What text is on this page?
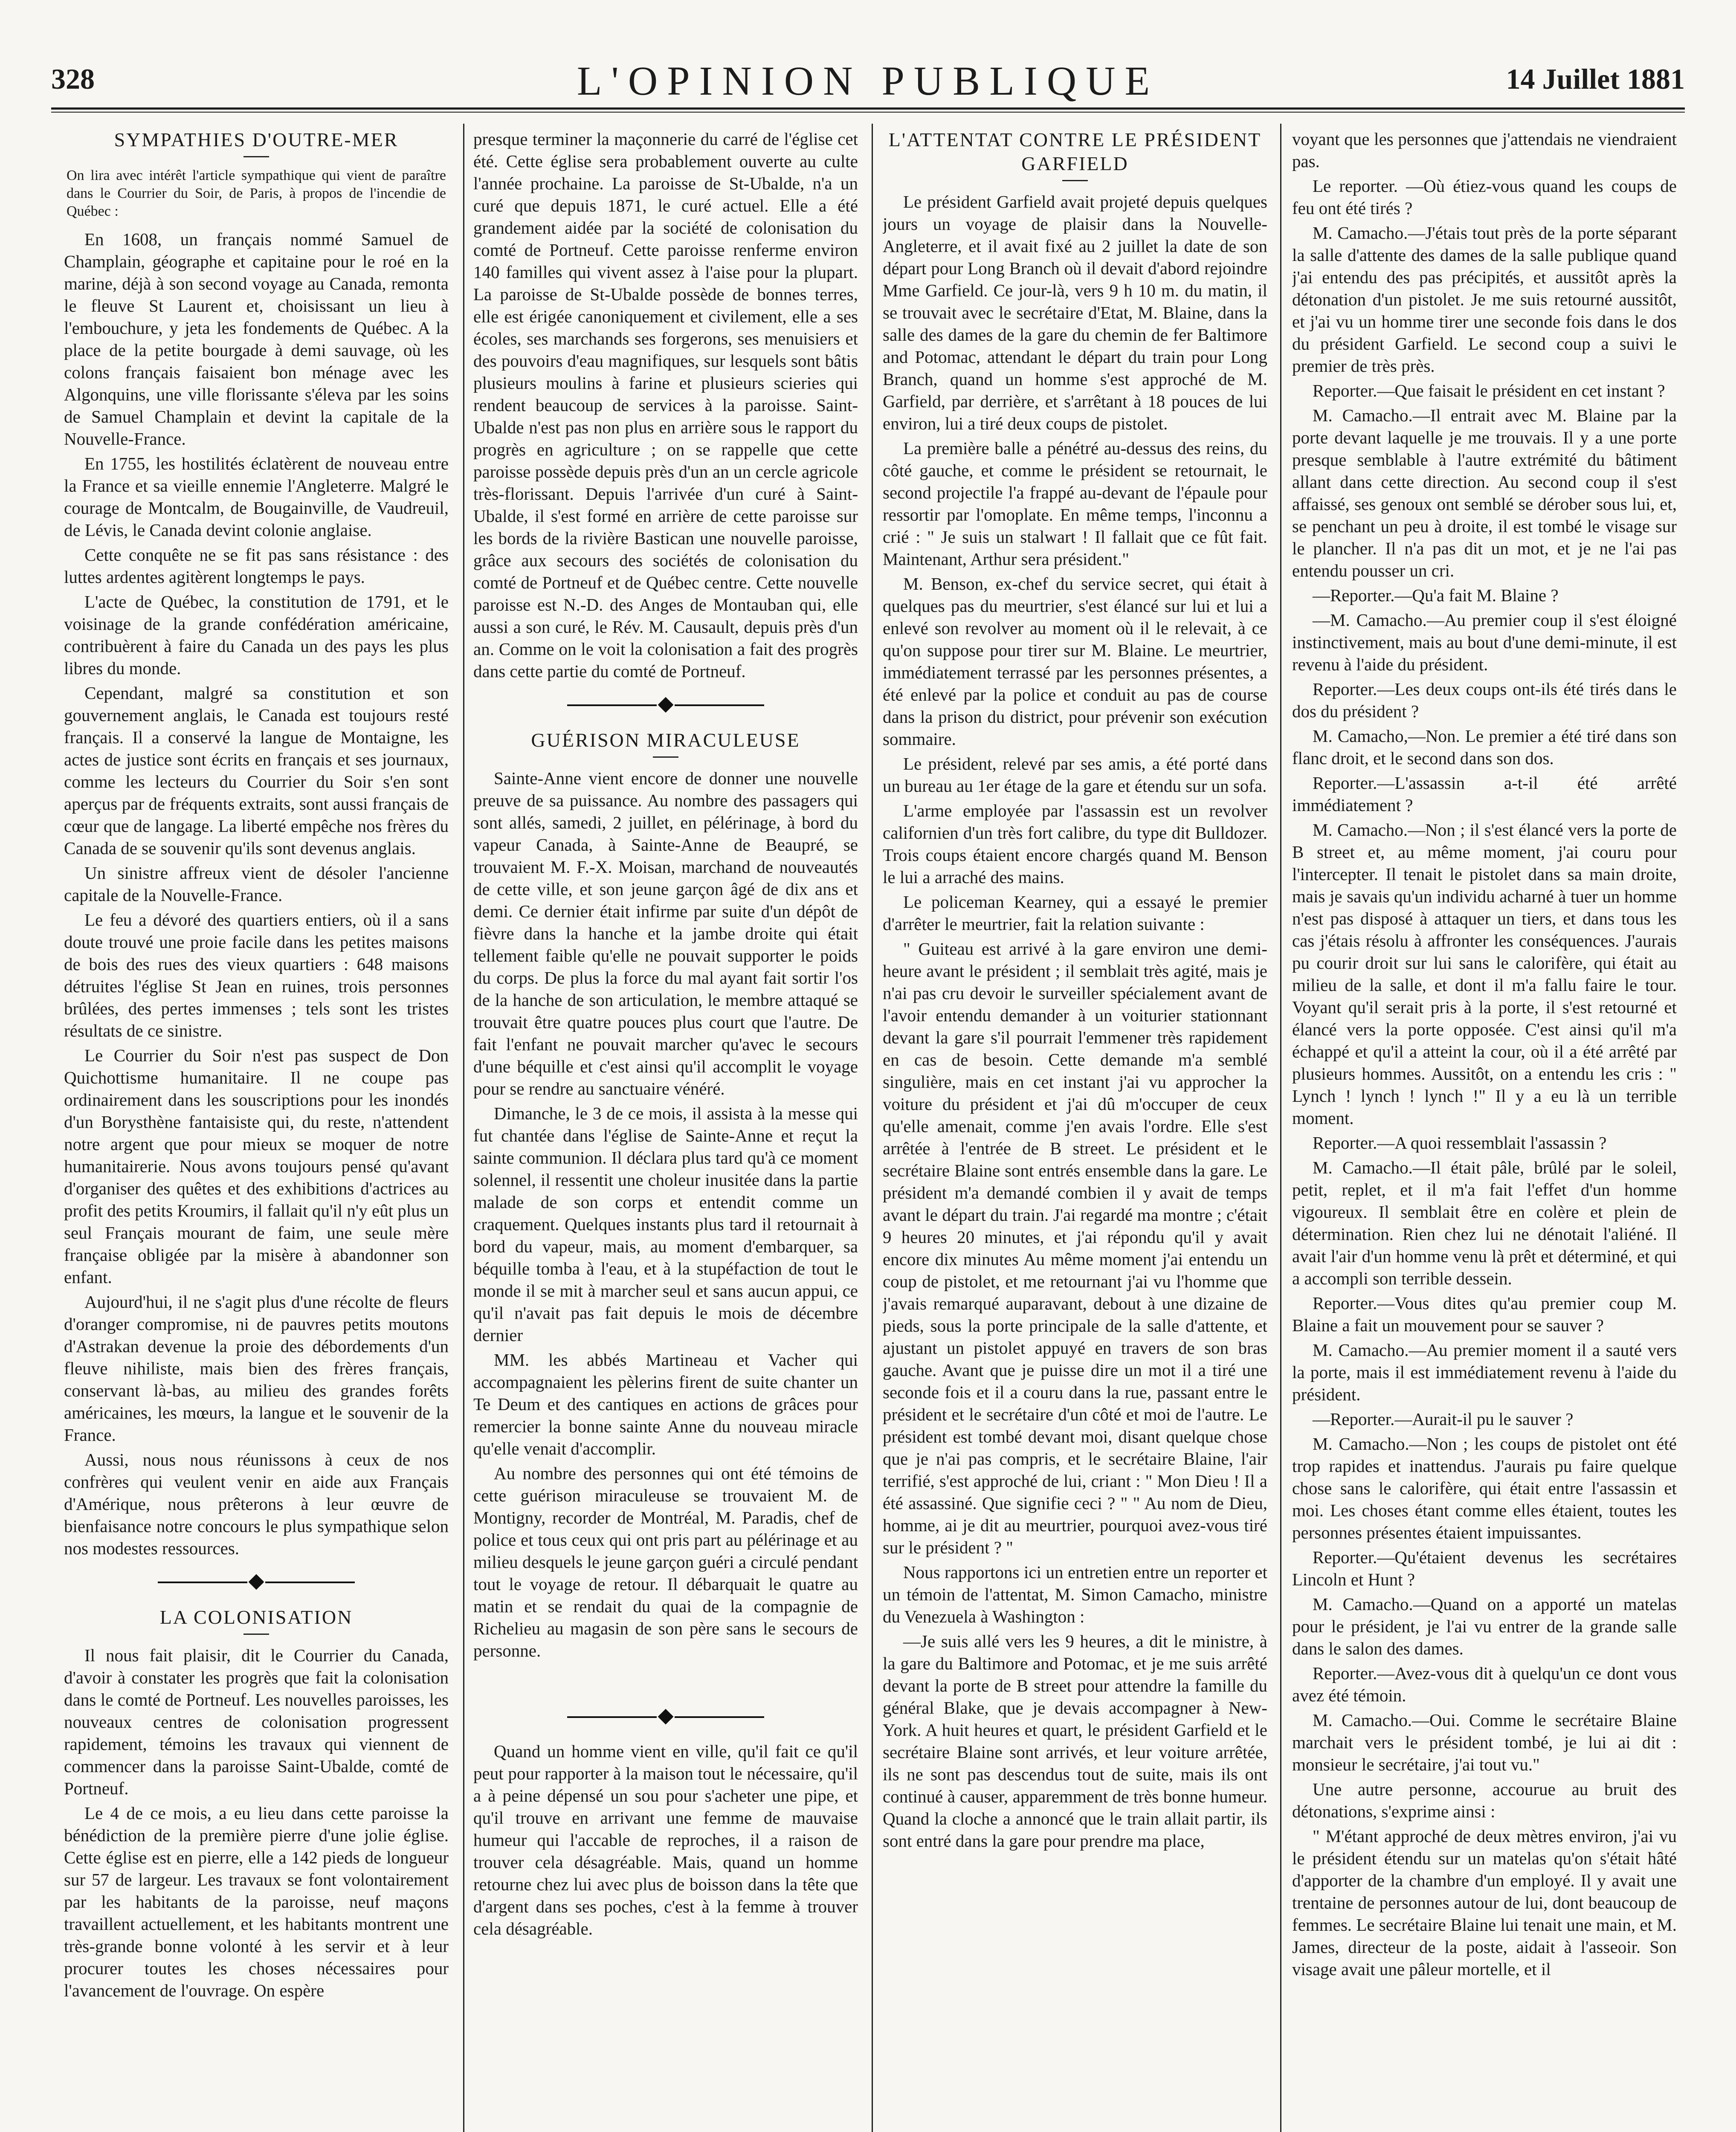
328	L'OPINION PUBLIQUE	14 Juillet 1881
SYMPATHIES D'OUTRE-MER
On lira avec intérêt l'article sympathique qui vient de paraître dans le Courrier du Soir, de Paris, à propos de l'incendie de Québec :

En 1608, un français nommé Samuel de Champlain, géographe et capitaine pour le roé en la marine, déjà à son second voyage au Canada, remonta le fleuve St Laurent et, choisissant un lieu à l'embouchure, y jeta les fondements de Québec. A la place de la petite bourgade à demi sauvage, où les colons français faisaient bon ménage avec les Algonquins, une ville florissante s'éleva par les soins de Samuel Champlain et devint la capitale de la Nouvelle-France.

En 1755, les hostilités éclatèrent de nouveau entre la France et sa vieille ennemie l'Angleterre. Malgré le courage de Montcalm, de Bougainville, de Vaudreuil, de Lévis, le Canada devint colonie anglaise.

Cette conquête ne se fit pas sans résistance : des luttes ardentes agitèrent longtemps le pays.

L'acte de Québec, la constitution de 1791, et le voisinage de la grande confédération américaine, contribuèrent à faire du Canada un des pays les plus libres du monde.

Cependant, malgré sa constitution et son gouvernement anglais, le Canada est toujours resté français. Il a conservé la langue de Montaigne, les actes de justice sont écrits en français et ses journaux, comme les lecteurs du Courrier du Soir s'en sont aperçus par de fréquents extraits, sont aussi français de cœur que de langage. La liberté empêche nos frères du Canada de se souvenir qu'ils sont devenus anglais.

Un sinistre affreux vient de désoler l'ancienne capitale de la Nouvelle-France.

Le feu a dévoré des quartiers entiers, où il a sans doute trouvé une proie facile dans les petites maisons de bois des rues des vieux quartiers : 648 maisons détruites l'église St Jean en ruines, trois personnes brûlées, des pertes immenses ; tels sont les tristes résultats de ce sinistre.

Le Courrier du Soir n'est pas suspect de Don Quichottisme humanitaire. Il ne coupe pas ordinairement dans les souscriptions pour les inondés d'un Borysthène fantaisiste qui, du reste, n'attendent notre argent que pour mieux se moquer de notre humanitairerie. Nous avons toujours pensé qu'avant d'organiser des quêtes et des exhibitions d'actrices au profit des petits Kroumirs, il fallait qu'il n'y eût plus un seul Français mourant de faim, une seule mère française obligée par la misère à abandonner son enfant.

Aujourd'hui, il ne s'agit plus d'une récolte de fleurs d'oranger compromise, ni de pauvres petits moutons d'Astrakan devenue la proie des débordements d'un fleuve nihiliste, mais bien des frères français, conservant là-bas, au milieu des grandes forêts américaines, les mœurs, la langue et le souvenir de la France.

Aussi, nous nous réunissons à ceux de nos confrères qui veulent venir en aide aux Français d'Amérique, nous prêterons à leur œuvre de bienfaisance notre concours le plus sympathique selon nos modestes ressources.

LA COLONISATION

Il nous fait plaisir, dit le Courrier du Canada, d'avoir à constater les progrès que fait la colonisation dans le comté de Portneuf. Les nouvelles paroisses, les nouveaux centres de colonisation progressent rapidement, témoins les travaux qui viennent de commencer dans la paroisse Saint-Ubalde, comté de Portneuf.

Le 4 de ce mois, a eu lieu dans cette paroisse la bénédiction de la première pierre d'une jolie église. Cette église est en pierre, elle a 142 pieds de longueur sur 57 de largeur. Les travaux se font volontairement par les habitants de la paroisse, neuf maçons travaillent actuellement, et les habitants montrent une très-grande bonne volonté à les servir et à leur procurer toutes les choses nécessaires pour l'avancement de l'ouvrage. On espère

presque terminer la maçonnerie du carré de l'église cet été. Cette église sera probablement ouverte au culte l'année prochaine. La paroisse de St-Ubalde, n'a un curé que depuis 1871, le curé actuel. Elle a été grandement aidée par la société de colonisation du comté de Portneuf. Cette paroisse renferme environ 140 familles qui vivent assez à l'aise pour la plupart. La paroisse de St-Ubalde possède de bonnes terres, elle est érigée canoniquement et civilement, elle a ses écoles, ses marchands ses forgerons, ses menuisiers et des pouvoirs d'eau magnifiques, sur lesquels sont bâtis plusieurs moulins à farine et plusieurs scieries qui rendent beaucoup de services à la paroisse. Saint-Ubalde n'est pas non plus en arrière sous le rapport du progrès en agriculture ; on se rappelle que cette paroisse possède depuis près d'un an un cercle agricole très-florissant. Depuis l'arrivée d'un curé à Saint-Ubalde, il s'est formé en arrière de cette paroisse sur les bords de la rivière Bastican une nouvelle paroisse, grâce aux secours des sociétés de colonisation du comté de Portneuf et de Québec centre. Cette nouvelle paroisse est N.-D. des Anges de Montauban qui, elle aussi a son curé, le Rév. M. Causault, depuis près d'un an. Comme on le voit la colonisation a fait des progrès dans cette partie du comté de Portneuf.

GUÉRISON MIRACULEUSE

Sainte-Anne vient encore de donner une nouvelle preuve de sa puissance. Au nombre des passagers qui sont allés, samedi, 2 juillet, en pélérinage, à bord du vapeur Canada, à Sainte-Anne de Beaupré, se trouvaient M. F.-X. Moisan, marchand de nouveautés de cette ville, et son jeune garçon âgé de dix ans et demi. Ce dernier était infirme par suite d'un dépôt de fièvre dans la hanche et la jambe droite qui était tellement faible qu'elle ne pouvait supporter le poids du corps. De plus la force du mal ayant fait sortir l'os de la hanche de son articulation, le membre attaqué se trouvait être quatre pouces plus court que l'autre. De fait l'enfant ne pouvait marcher qu'avec le secours d'une béquille et c'est ainsi qu'il accomplit le voyage pour se rendre au sanctuaire vénéré.

Dimanche, le 3 de ce mois, il assista à la messe qui fut chantée dans l'église de Sainte-Anne et reçut la sainte communion. Il déclara plus tard qu'à ce moment solennel, il ressentit une choleur inusitée dans la partie malade de son corps et entendit comme un craquement. Quelques instants plus tard il retournait à bord du vapeur, mais, au moment d'embarquer, sa béquille tomba à l'eau, et à la stupéfaction de tout le monde il se mit à marcher seul et sans aucun appui, ce qu'il n'avait pas fait depuis le mois de décembre dernier

MM. les abbés Martineau et Vacher qui accompagnaient les pèlerins firent de suite chanter un Te Deum et des cantiques en actions de grâces pour remercier la bonne sainte Anne du nouveau miracle qu'elle venait d'accomplir.

Au nombre des personnes qui ont été témoins de cette guérison miraculeuse se trouvaient M. de Montigny, recorder de Montréal, M. Paradis, chef de police et tous ceux qui ont pris part au pélérinage et au milieu desquels le jeune garçon guéri a circulé pendant tout le voyage de retour. Il débarquait le quatre au matin et se rendait du quai de la compagnie de Richelieu au magasin de son père sans le secours de personne.

Quand un homme vient en ville, qu'il fait ce qu'il peut pour rapporter à la maison tout le nécessaire, qu'il a à peine dépensé un sou pour s'acheter une pipe, et qu'il trouve en arrivant une femme de mauvaise humeur qui l'accable de reproches, il a raison de trouver cela désagréable. Mais, quand un homme retourne chez lui avec plus de boisson dans la tête que d'argent dans ses poches, c'est à la femme à trouver cela désagréable.

L'ATTENTAT CONTRE LE PRÉSIDENT GARFIELD

Le président Garfield avait projeté depuis quelques jours un voyage de plaisir dans la Nouvelle-Angleterre, et il avait fixé au 2 juillet la date de son départ pour Long Branch où il devait d'abord rejoindre Mme Garfield. Ce jour-là, vers 9 h 10 m. du matin, il se trouvait avec le secrétaire d'Etat, M. Blaine, dans la salle des dames de la gare du chemin de fer Baltimore and Potomac, attendant le départ du train pour Long Branch, quand un homme s'est approché de M. Garfield, par derrière, et s'arrêtant à 18 pouces de lui environ, lui a tiré deux coups de pistolet.

La première balle a pénétré au-dessus des reins, du côté gauche, et comme le président se retournait, le second projectile l'a frappé au-devant de l'épaule pour ressortir par l'omoplate. En même temps, l'inconnu a crié : " Je suis un stalwart ! Il fallait que ce fût fait. Maintenant, Arthur sera président."

M. Benson, ex-chef du service secret, qui était à quelques pas du meurtrier, s'est élancé sur lui et lui a enlevé son revolver au moment où il le relevait, à ce qu'on suppose pour tirer sur M. Blaine. Le meurtrier, immédiatement terrassé par les personnes présentes, a été enlevé par la police et conduit au pas de course dans la prison du district, pour prévenir son exécution sommaire.

Le président, relevé par ses amis, a été porté dans un bureau au 1er étage de la gare et étendu sur un sofa.

L'arme employée par l'assassin est un revolver californien d'un très fort calibre, du type dit Bulldozer. Trois coups étaient encore chargés quand M. Benson le lui a arraché des mains.

Le policeman Kearney, qui a essayé le premier d'arrêter le meurtrier, fait la relation suivante :

" Guiteau est arrivé à la gare environ une demi-heure avant le président ; il semblait très agité, mais je n'ai pas cru devoir le surveiller spécialement avant de l'avoir entendu demander à un voiturier stationnant devant la gare s'il pourrait l'emmener très rapidement en cas de besoin. Cette demande m'a semblé singulière, mais en cet instant j'ai vu approcher la voiture du président et j'ai dû m'occuper de ceux qu'elle amenait, comme j'en avais l'ordre. Elle s'est arrêtée à l'entrée de B street. Le président et le secrétaire Blaine sont entrés ensemble dans la gare. Le président m'a demandé combien il y avait de temps avant le départ du train. J'ai regardé ma montre ; c'était 9 heures 20 minutes, et j'ai répondu qu'il y avait encore dix minutes Au même moment j'ai entendu un coup de pistolet, et me retournant j'ai vu l'homme que j'avais remarqué auparavant, debout à une dizaine de pieds, sous la porte principale de la salle d'attente, et ajustant un pistolet appuyé en travers de son bras gauche. Avant que je puisse dire un mot il a tiré une seconde fois et il a couru dans la rue, passant entre le président et le secrétaire d'un côté et moi de l'autre. Le président est tombé devant moi, disant quelque chose que je n'ai pas compris, et le secrétaire Blaine, l'air terrifié, s'est approché de lui, criant : " Mon Dieu ! Il a été assassiné. Que signifie ceci ? " " Au nom de Dieu, homme, ai je dit au meurtrier, pourquoi avez-vous tiré sur le président ? "

Nous rapportons ici un entretien entre un reporter et un témoin de l'attentat, M. Simon Camacho, ministre du Venezuela à Washington :

—Je suis allé vers les 9 heures, a dit le ministre, à la gare du Baltimore and Potomac, et je me suis arrêté devant la porte de B street pour attendre la famille du général Blake, que je devais accompagner à New-York. A huit heures et quart, le président Garfield et le secrétaire Blaine sont arrivés, et leur voiture arrêtée, ils ne sont pas descendus tout de suite, mais ils ont continué à causer, apparemment de très bonne humeur. Quand la cloche a annoncé que le train allait partir, ils sont entré dans la gare pour prendre ma place,

voyant que les personnes que j'attendais ne viendraient pas.

Le reporter. —Où étiez-vous quand les coups de feu ont été tirés ?

M. Camacho.—J'étais tout près de la porte séparant la salle d'attente des dames de la salle publique quand j'ai entendu des pas précipités, et aussitôt après la détonation d'un pistolet. Je me suis retourné aussitôt, et j'ai vu un homme tirer une seconde fois dans le dos du président Garfield. Le second coup a suivi le premier de très près.

Reporter.—Que faisait le président en cet instant ?

M. Camacho.—Il entrait avec M. Blaine par la porte devant laquelle je me trouvais. Il y a une porte presque semblable à l'autre extrémité du bâtiment allant dans cette direction. Au second coup il s'est affaissé, ses genoux ont semblé se dérober sous lui, et, se penchant un peu à droite, il est tombé le visage sur le plancher. Il n'a pas dit un mot, et je ne l'ai pas entendu pousser un cri.

—Reporter.—Qu'a fait M. Blaine ?

—M. Camacho.—Au premier coup il s'est éloigné instinctivement, mais au bout d'une demi-minute, il est revenu à l'aide du président.

Reporter.—Les deux coups ont-ils été tirés dans le dos du président ?

M. Camacho,—Non. Le premier a été tiré dans son flanc droit, et le second dans son dos.

Reporter.—L'assassin a-t-il été arrêté immédiatement ?

M. Camacho.—Non ; il s'est élancé vers la porte de B street et, au même moment, j'ai couru pour l'intercepter. Il tenait le pistolet dans sa main droite, mais je savais qu'un individu acharné à tuer un homme n'est pas disposé à attaquer un tiers, et dans tous les cas j'étais résolu à affronter les conséquences. J'aurais pu courir droit sur lui sans le calorifère, qui était au milieu de la salle, et dont il m'a fallu faire le tour. Voyant qu'il serait pris à la porte, il s'est retourné et élancé vers la porte opposée. C'est ainsi qu'il m'a échappé et qu'il a atteint la cour, où il a été arrêté par plusieurs hommes. Aussitôt, on a entendu les cris : " Lynch ! lynch ! lynch !" Il y a eu là un terrible moment.

Reporter.—A quoi ressemblait l'assassin ?

M. Camacho.—Il était pâle, brûlé par le soleil, petit, replet, et il m'a fait l'effet d'un homme vigoureux. Il semblait être en colère et plein de détermination. Rien chez lui ne dénotait l'aliéné. Il avait l'air d'un homme venu là prêt et déterminé, et qui a accompli son terrible dessein.

Reporter.—Vous dites qu'au premier coup M. Blaine a fait un mouvement pour se sauver ?

M. Camacho.—Au premier moment il a sauté vers la porte, mais il est immédiatement revenu à l'aide du président.

—Reporter.—Aurait-il pu le sauver ?

M. Camacho.—Non ; les coups de pistolet ont été trop rapides et inattendus. J'aurais pu faire quelque chose sans le calorifère, qui était entre l'assassin et moi. Les choses étant comme elles étaient, toutes les personnes présentes étaient impuissantes.

Reporter.—Qu'étaient devenus les secrétaires Lincoln et Hunt ?

M. Camacho.—Quand on a apporté un matelas pour le président, je l'ai vu entrer de la grande salle dans le salon des dames.

Reporter.—Avez-vous dit à quelqu'un ce dont vous avez été témoin.

M. Camacho.—Oui. Comme le secrétaire Blaine marchait vers le président tombé, je lui ai dit : monsieur le secrétaire, j'ai tout vu."

Une autre personne, accourue au bruit des détonations, s'exprime ainsi :

" M'étant approché de deux mètres environ, j'ai vu le président étendu sur un matelas qu'on s'était hâté d'apporter de la chambre d'un employé. Il y avait une trentaine de personnes autour de lui, dont beaucoup de femmes. Le secrétaire Blaine lui tenait une main, et M. James, directeur de la poste, aidait à l'asseoir. Son visage avait une pâleur mortelle, et il
